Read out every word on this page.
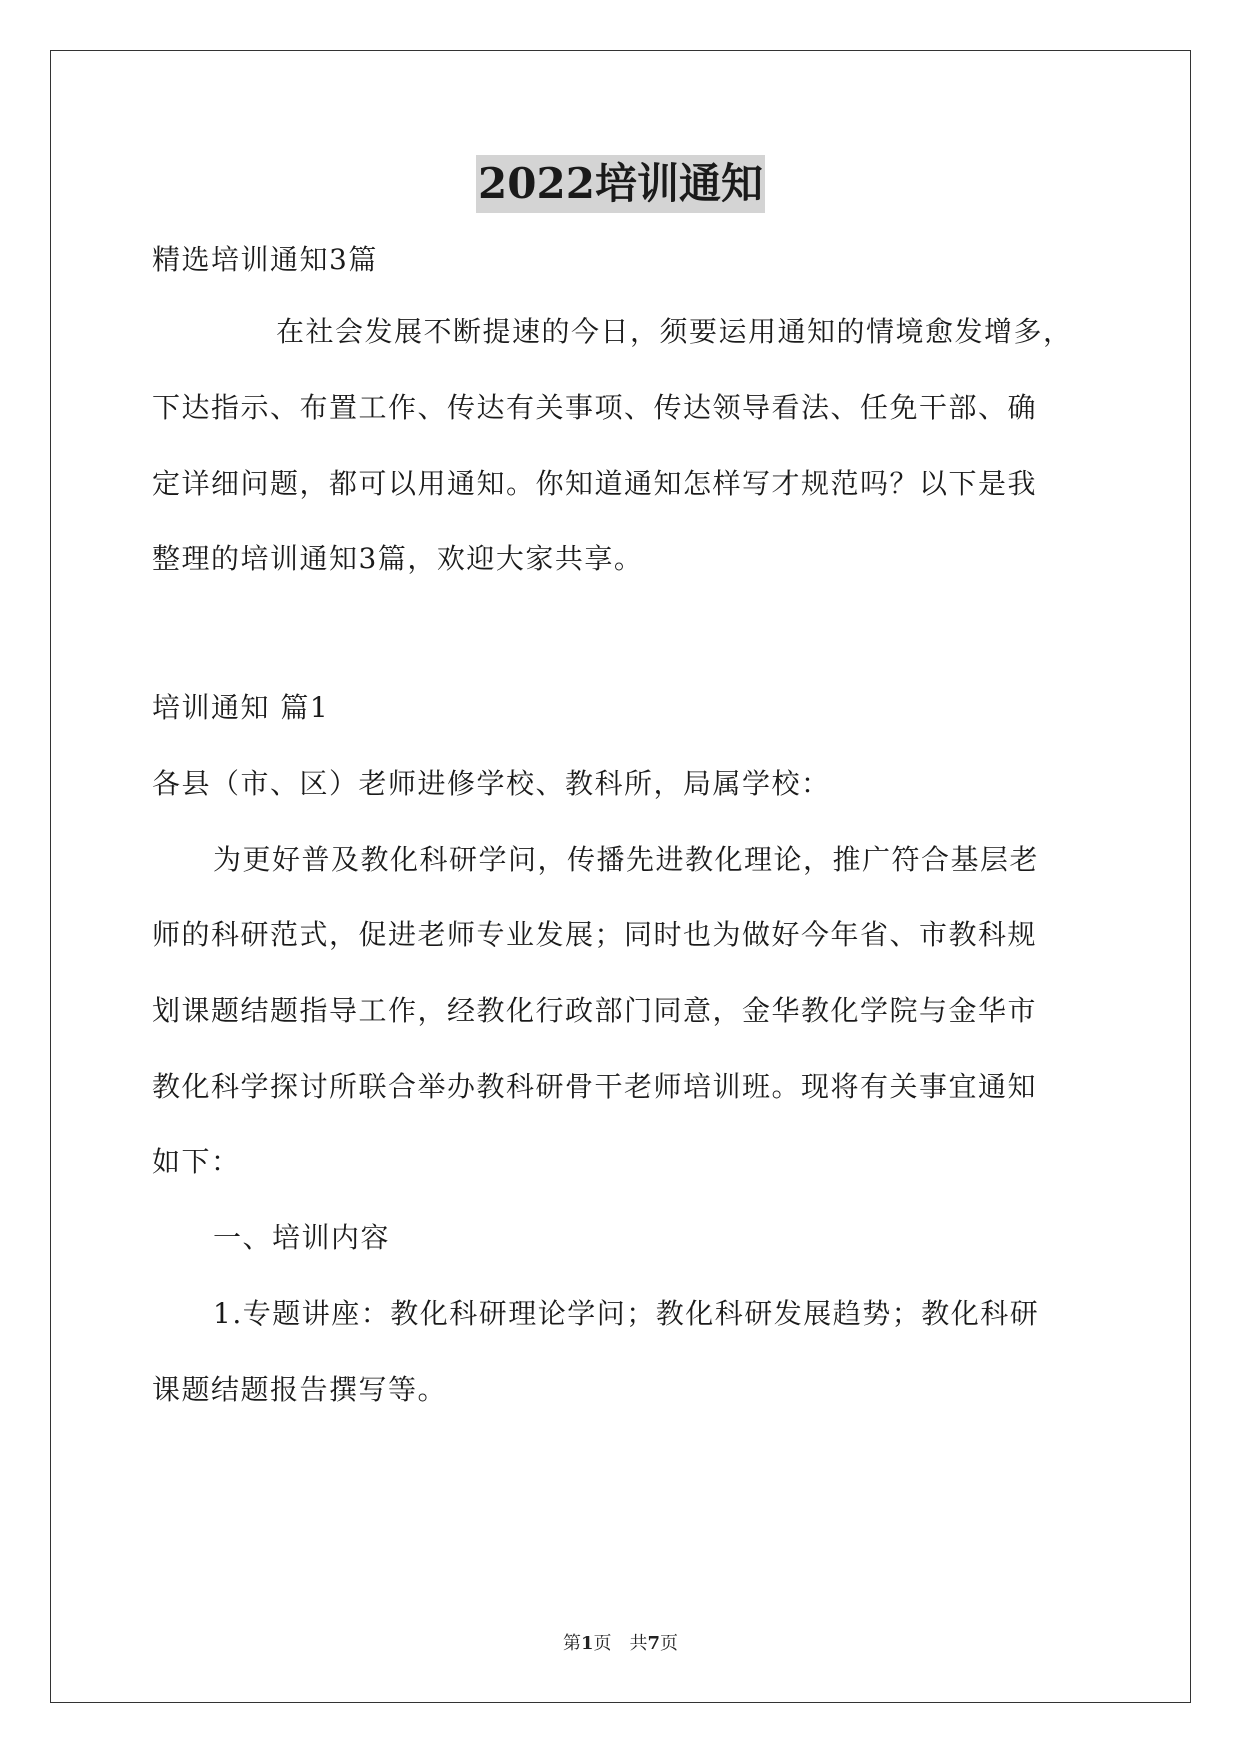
2022培训通知
精选培训通知3篇
在社会发展不断提速的今日，须要运用通知的情境愈发增多，
下达指示、布置工作、传达有关事项、传达领导看法、任免干部、确
定详细问题，都可以用通知。你知道通知怎样写才规范吗？以下是我
整理的培训通知3篇，欢迎大家共享。
培训通知 篇1
各县（市、区）老师进修学校、教科所，局属学校：
为更好普及教化科研学问，传播先进教化理论，推广符合基层老
师的科研范式，促进老师专业发展；同时也为做好今年省、市教科规
划课题结题指导工作，经教化行政部门同意，金华教化学院与金华市
教化科学探讨所联合举办教科研骨干老师培训班。现将有关事宜通知
如下：
一、培训内容
1.专题讲座：教化科研理论学问；教化科研发展趋势；教化科研
课题结题报告撰写等。
第1页　共7页
